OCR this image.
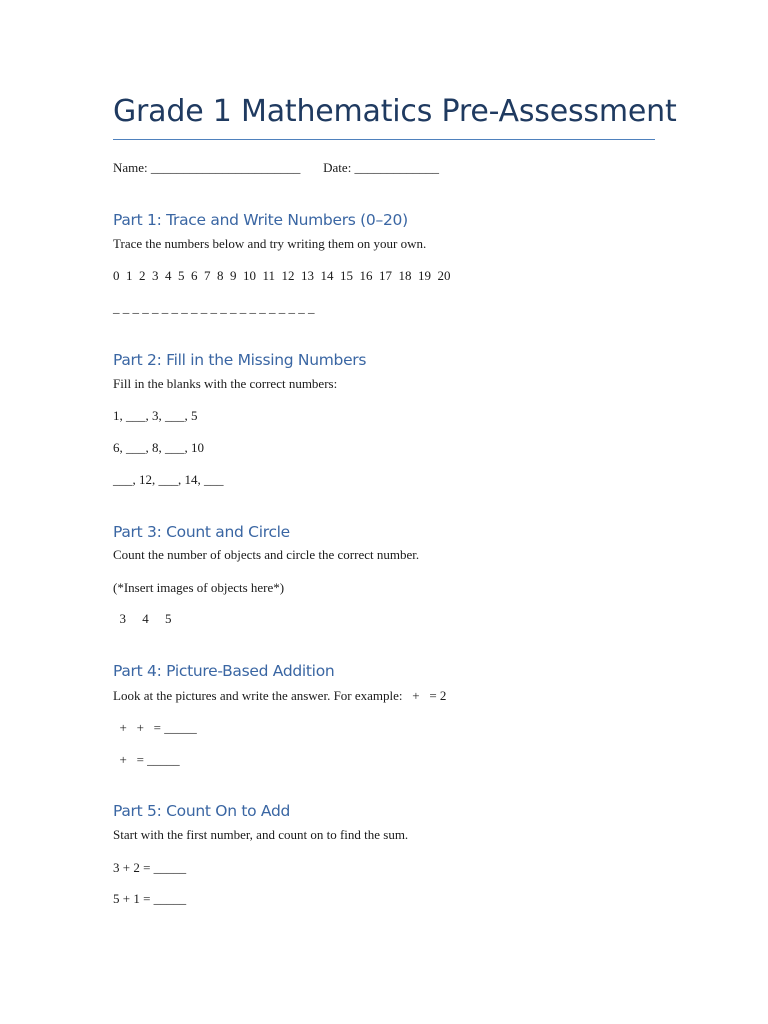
Grade 1 Mathematics Pre-Assessment
Name: _______________________       Date: _____________
Part 1: Trace and Write Numbers (0–20)
Trace the numbers below and try writing them on your own.
0  1  2  3  4  5  6  7  8  9  10  11  12  13  14  15  16  17  18  19  20
_ _ _ _ _ _ _ _ _ _ _ _ _ _ _ _ _ _ _ _ _
Part 2: Fill in the Missing Numbers
Fill in the blanks with the correct numbers:
1, ___, 3, ___, 5
6, ___, 8, ___, 10
___, 12, ___, 14, ___
Part 3: Count and Circle
Count the number of objects and circle the correct number.
(*Insert images of objects here*)
3     4     5
Part 4: Picture-Based Addition
Look at the pictures and write the answer. For example:   +   = 2
+   +   = _____
+   = _____
Part 5: Count On to Add
Start with the first number, and count on to find the sum.
3 + 2 = _____
5 + 1 = _____
